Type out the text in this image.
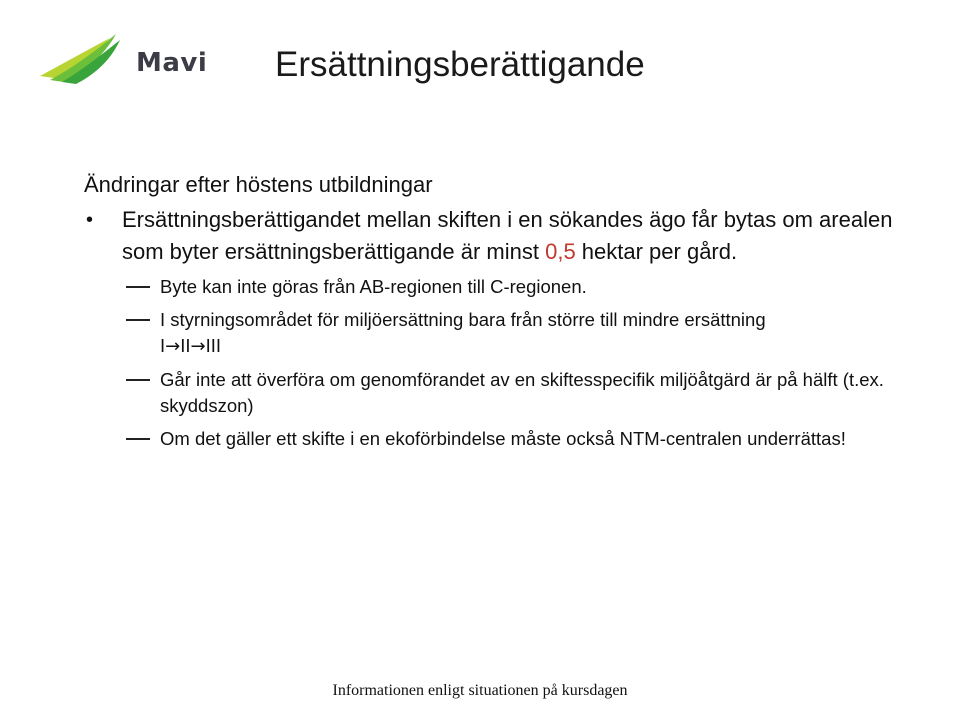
Mavi Ersättningsberättigande

Ändringar efter höstens utbildningar

• Ersättningsberättigandet mellan skiften i en sökandes ägo får bytas om arealen som byter ersättningsberättigande är minst 0,5 hektar per gård.
Byte kan inte göras från AB-regionen till C-regionen.
I styrningsområdet för miljöersättning bara från större till mindre ersättning
I→II→III
Går inte att överföra om genomförandet av en skiftesspecifik miljöåtgärd är på hälft (t.ex. skyddszon)
Om det gäller ett skifte i en ekoförbindelse måste också NTM-centralen underrättas!
Informationen enligt situationen på kursdagen
